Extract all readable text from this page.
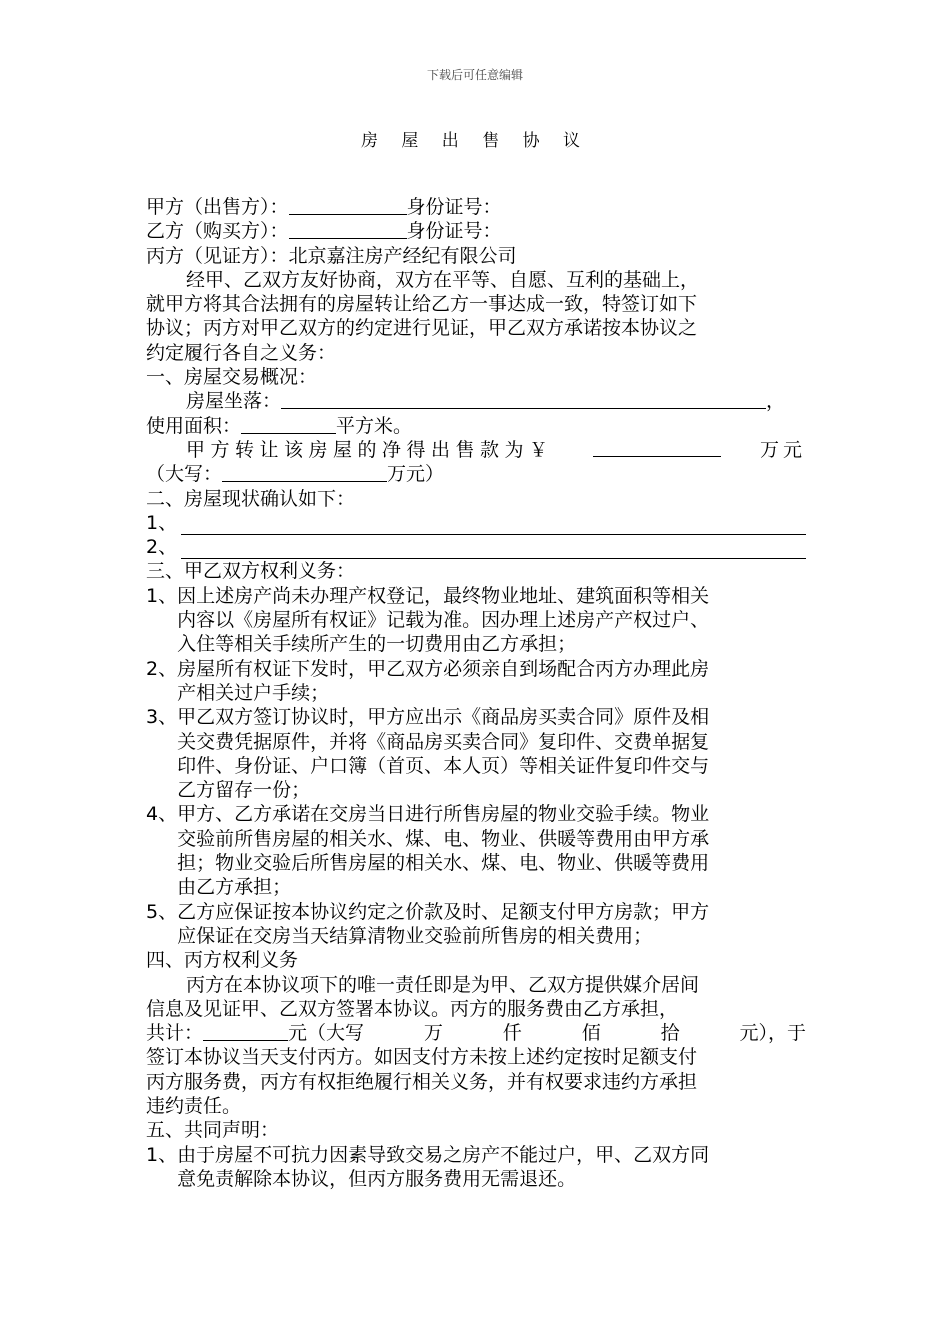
下载后可任意编辑
房 屋 出 售 协 议
甲方（出售方）：	身份证号：
乙方（购买方）：	身份证号：
丙方（见证方）：北京嘉注房产经纪有限公司
经甲、乙双方友好协商，双方在平等、自愿、互利的基础上，
就甲方将其合法拥有的房屋转让给乙方一事达成一致，特签订如下
协议；丙方对甲乙双方的约定进行见证，甲乙双方承诺按本协议之
约定履行各自之义务：
一、房屋交易概况：
房屋坐落：	，
使用面积：	平方米。
甲方转让该房屋的净得出售款为￥	万元
（大写：	万元）
二、房屋现状确认如下：
1、
2、
三、甲乙双方权利义务：
1、 因上述房产尚未办理产权登记，最终物业地址、建筑面积等相关
内容以《房屋所有权证》记载为准。因办理上述房产产权过户、
入住等相关手续所产生的一切费用由乙方承担；
2、 房屋所有权证下发时，甲乙双方必须亲自到场配合丙方办理此房
产相关过户手续；
3、 甲乙双方签订协议时，甲方应出示《商品房买卖合同》原件及相
关交费凭据原件，并将《商品房买卖合同》复印件、交费单据复
印件、身份证、户口簿（首页、本人页）等相关证件复印件交与
乙方留存一份；
4、 甲方、乙方承诺在交房当日进行所售房屋的物业交验手续。物业
交验前所售房屋的相关水、煤、电、物业、供暖等费用由甲方承
担；物业交验后所售房屋的相关水、煤、电、物业、供暖等费用
由乙方承担；
5、 乙方应保证按本协议约定之价款及时、足额支付甲方房款；甲方
应保证在交房当天结算清物业交验前所售房的相关费用；
四、丙方权利义务
丙方在本协议项下的唯一责任即是为甲、乙双方提供媒介居间
信息及见证甲、乙双方签署本协议。丙方的服务费由乙方承担，
共计：	元（大写	万	仟	佰	拾	元），于
签订本协议当天支付丙方。如因支付方未按上述约定按时足额支付
丙方服务费，丙方有权拒绝履行相关义务，并有权要求违约方承担
违约责任。
五、共同声明：
1、 由于房屋不可抗力因素导致交易之房产不能过户，甲、乙双方同
意免责解除本协议，但丙方服务费用无需退还。
